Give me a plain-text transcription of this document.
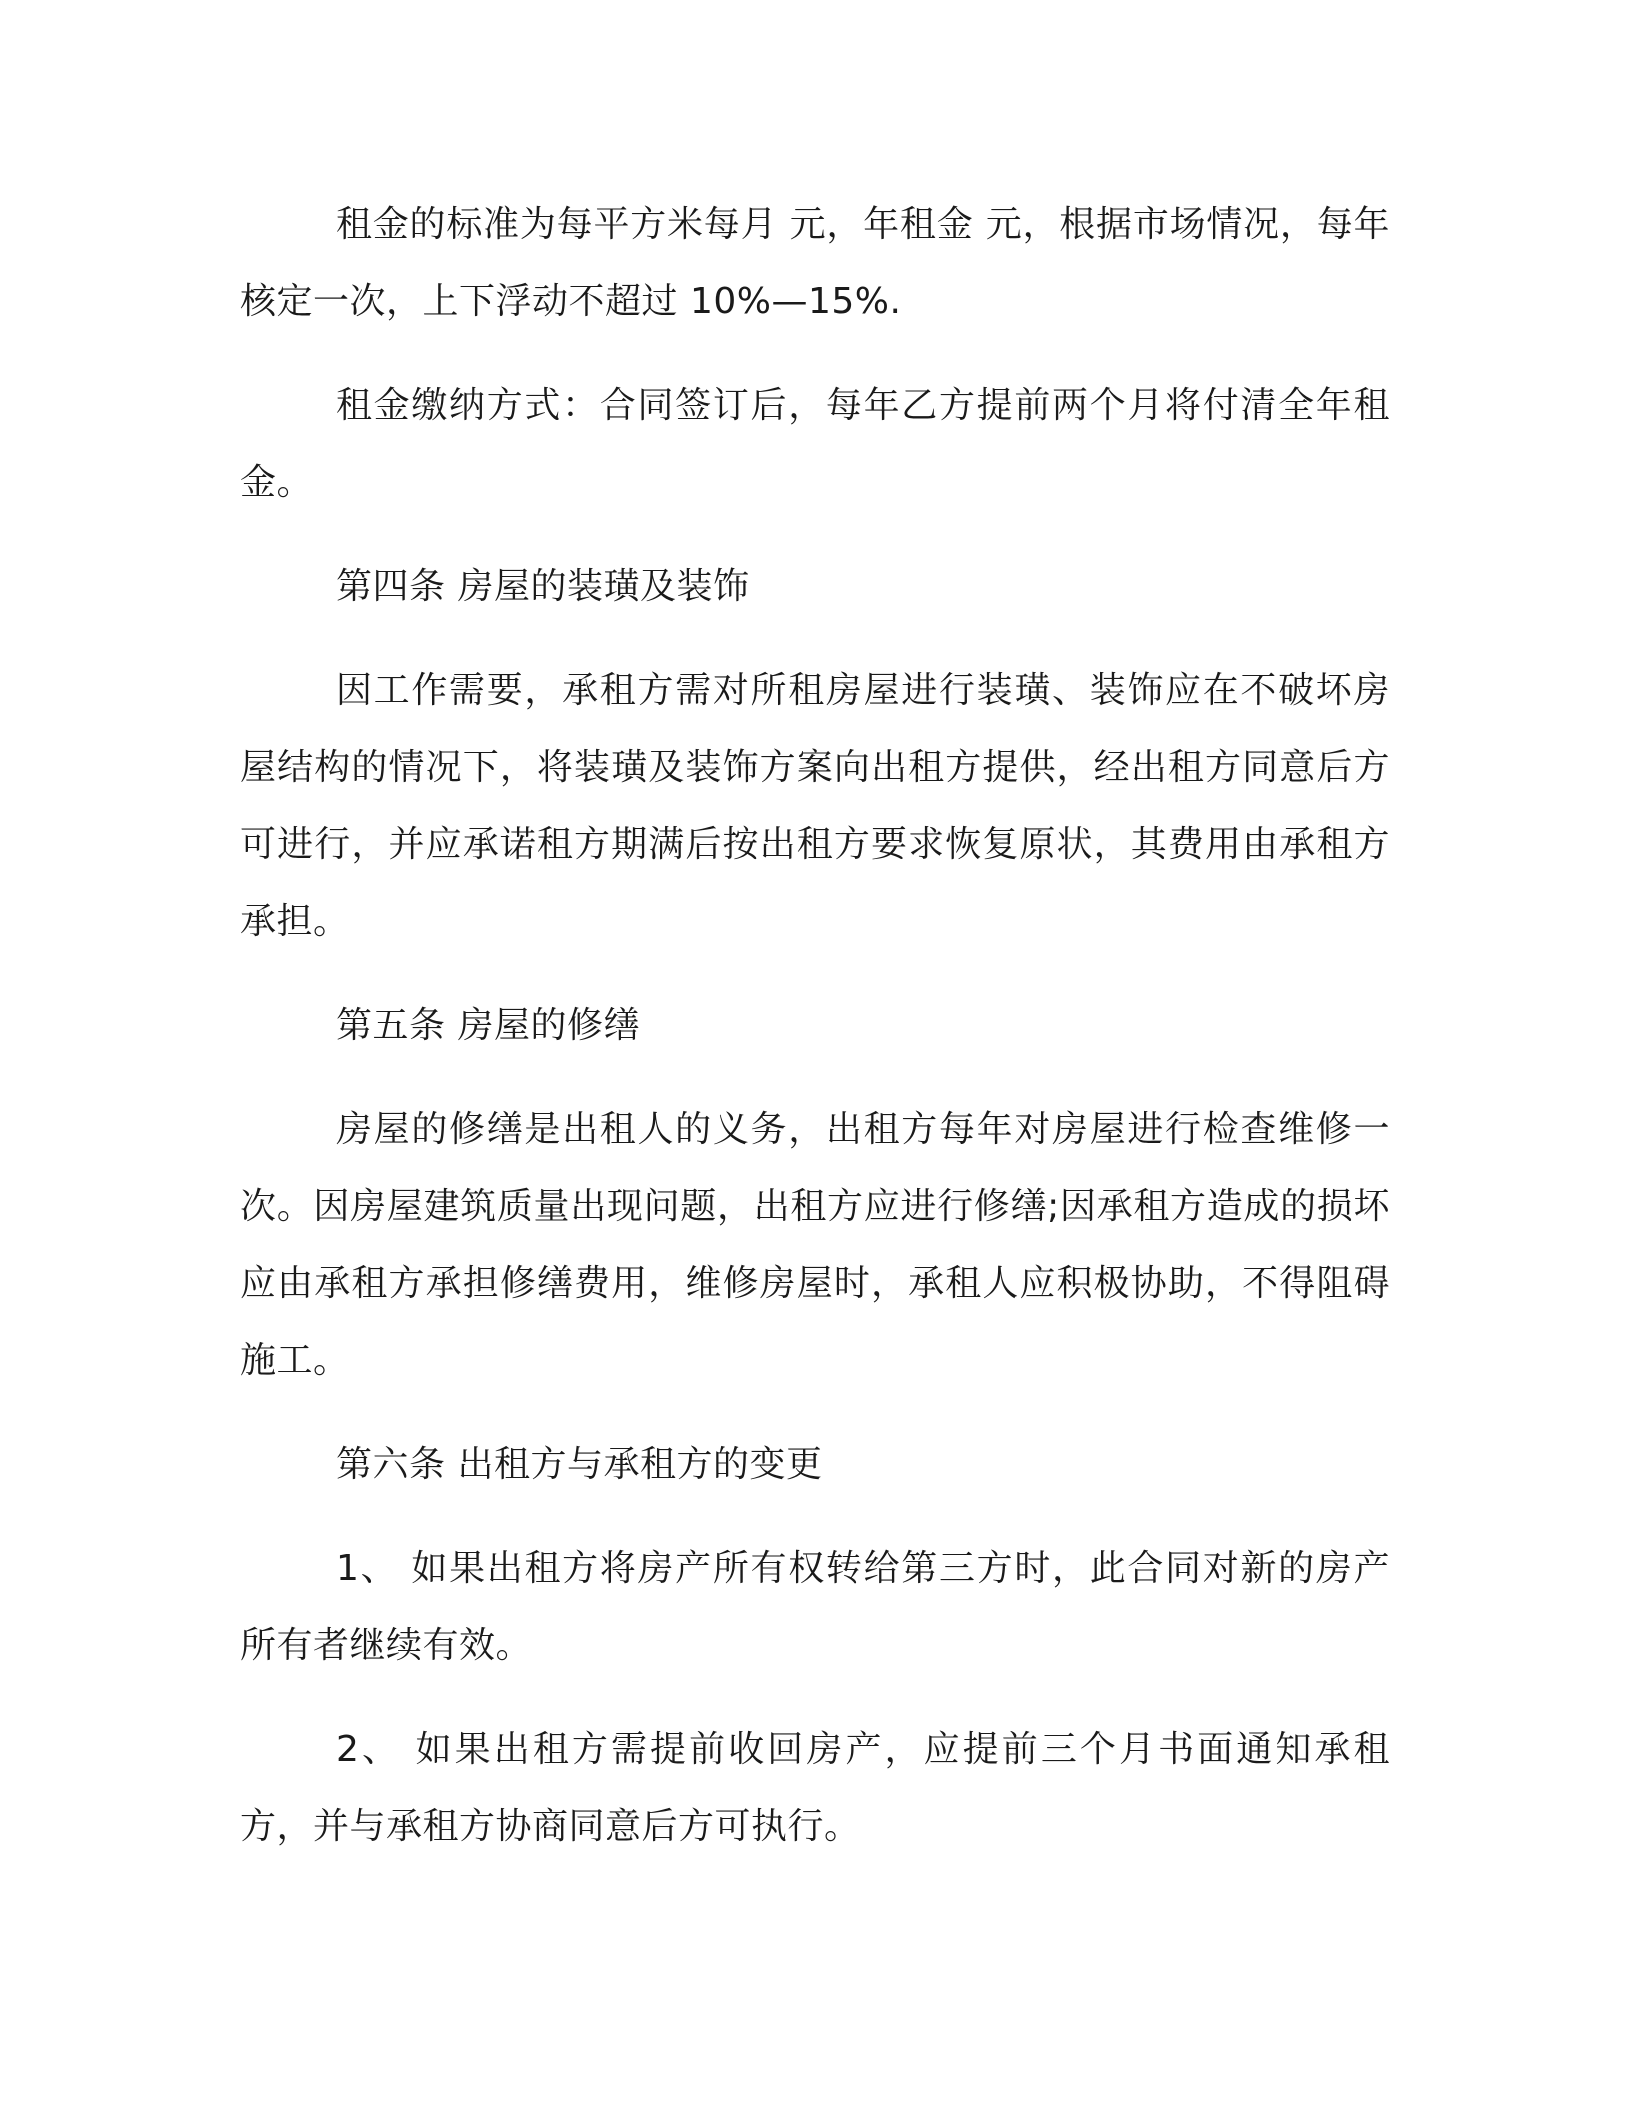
租金的标准为每平方米每月 元，年租金 元，根据市场情况，每年核定一次，上下浮动不超过 10%—15%.

租金缴纳方式：合同签订后，每年乙方提前两个月将付清全年租金。

第四条 房屋的装璜及装饰

因工作需要，承租方需对所租房屋进行装璜、装饰应在不破坏房屋结构的情况下，将装璜及装饰方案向出租方提供，经出租方同意后方可进行，并应承诺租方期满后按出租方要求恢复原状，其费用由承租方承担。

第五条 房屋的修缮

房屋的修缮是出租人的义务，出租方每年对房屋进行检查维修一次。因房屋建筑质量出现问题，出租方应进行修缮;因承租方造成的损坏应由承租方承担修缮费用，维修房屋时，承租人应积极协助，不得阻碍施工。

第六条 出租方与承租方的变更

1、 如果出租方将房产所有权转给第三方时，此合同对新的房产所有者继续有效。

2、 如果出租方需提前收回房产，应提前三个月书面通知承租方，并与承租方协商同意后方可执行。
